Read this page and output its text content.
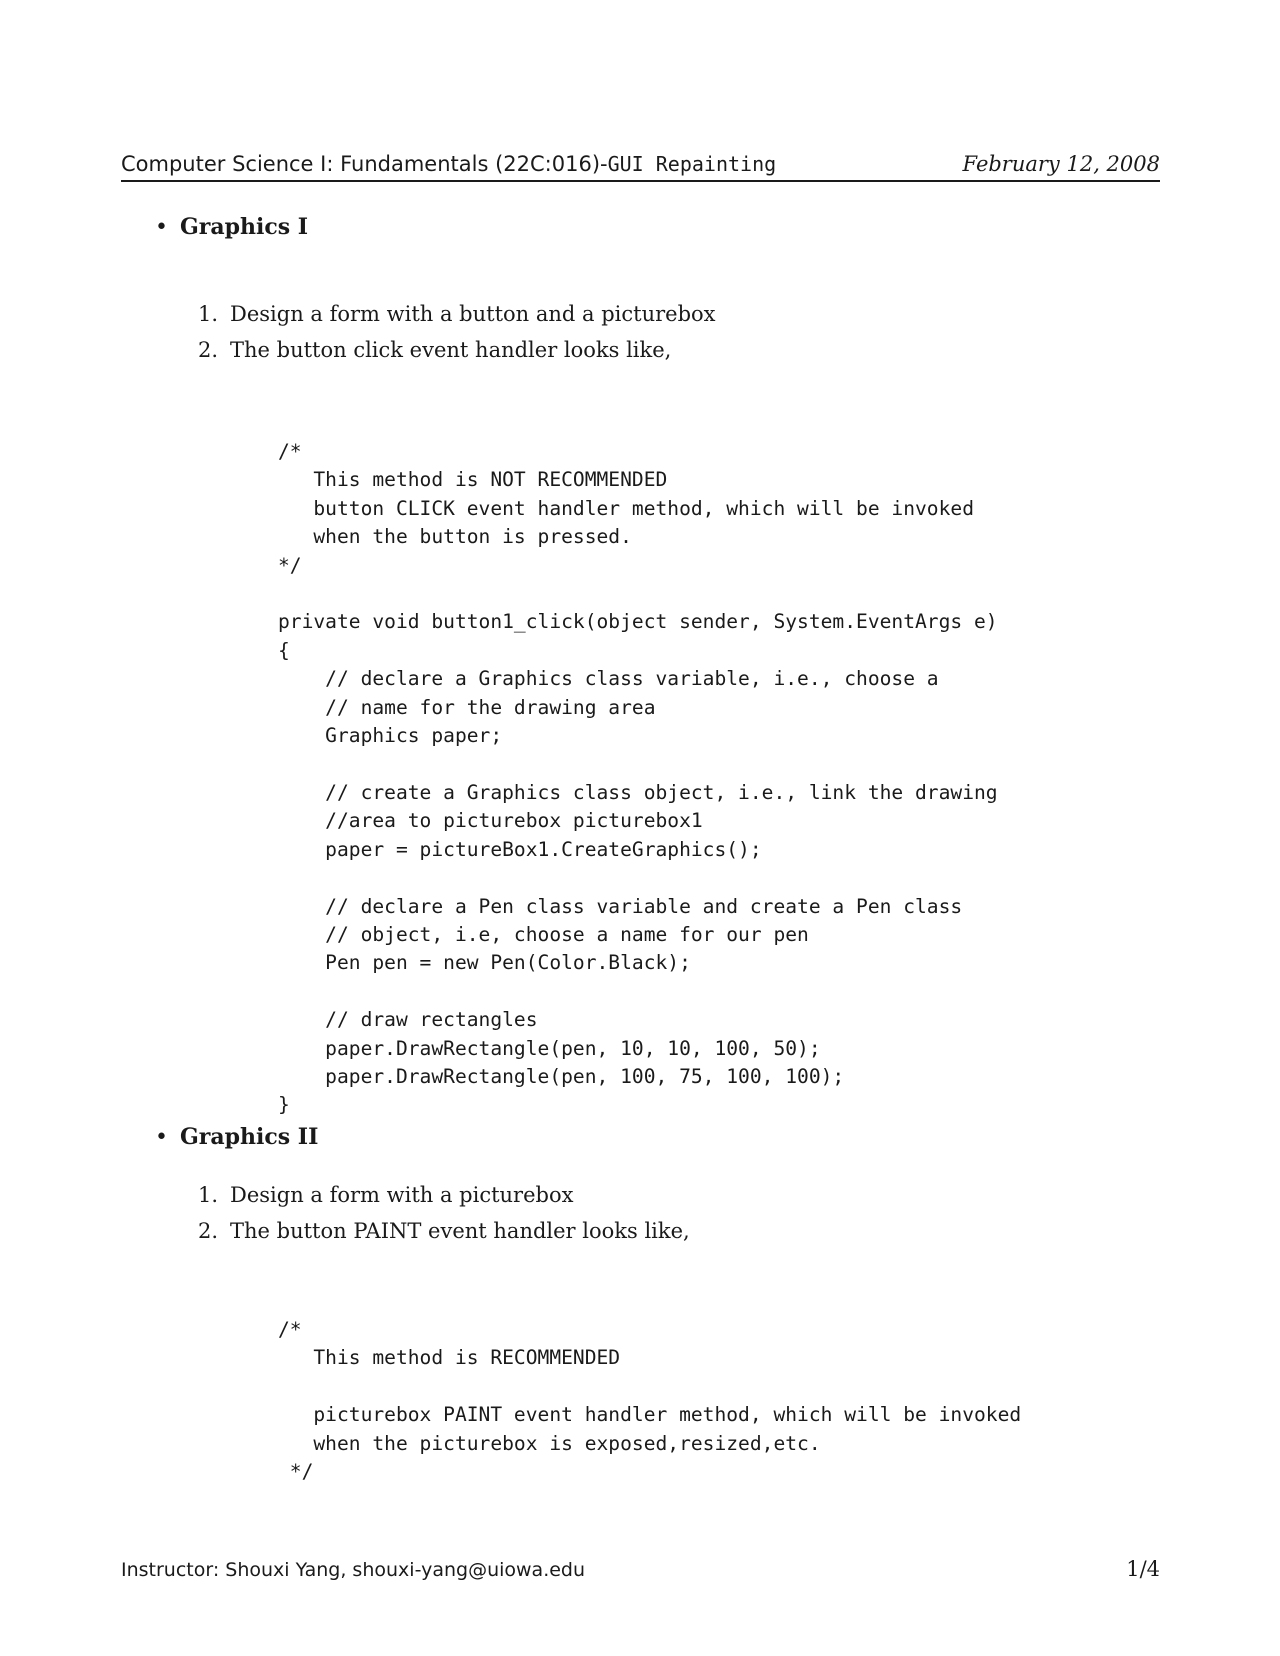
Computer Science I: Fundamentals (22C:016)-GUI Repainting	February 12, 2008
• Graphics I
1. Design a form with a button and a picturebox
2. The button click event handler looks like,
/*
This method is NOT RECOMMENDED
button CLICK event handler method, which will be invoked
when the button is pressed.
*/

private void button1_click(object sender, System.EventArgs e)
{
// declare a Graphics class variable, i.e., choose a
// name for the drawing area
Graphics paper;

// create a Graphics class object, i.e., link the drawing
//area to picturebox picturebox1
paper = pictureBox1.CreateGraphics();

// declare a Pen class variable and create a Pen class
// object, i.e, choose a name for our pen
Pen pen = new Pen(Color.Black);

// draw rectangles
paper.DrawRectangle(pen, 10, 10, 100, 50);
paper.DrawRectangle(pen, 100, 75, 100, 100);
}
• Graphics II
1. Design a form with a picturebox
2. The button PAINT event handler looks like,
/*
This method is RECOMMENDED

picturebox PAINT event handler method, which will be invoked
when the picturebox is exposed,resized,etc.
*/
Instructor: Shouxi Yang, shouxi-yang@uiowa.edu	1/4
